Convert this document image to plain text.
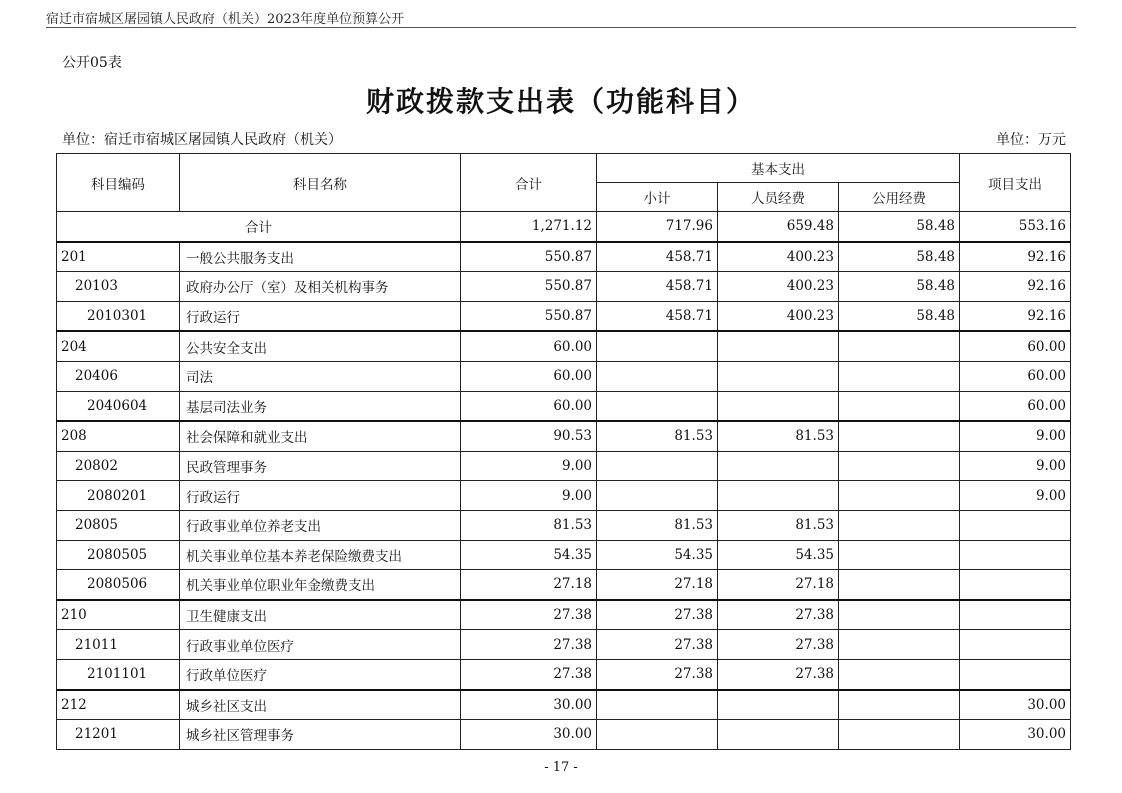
宿迁市宿城区屠园镇人民政府（机关）2023年度单位预算公开
公开05表
财政拨款支出表（功能科目）
单位：宿迁市宿城区屠园镇人民政府（机关）	单位：万元
科目编码	科目名称	合计	基本支出			项目支出
			小计	人员经费	公用经费	
合计		1,271.12	717.96	659.48	58.48	553.16
201	一般公共服务支出	550.87	458.71	400.23	58.48	92.16
20103	政府办公厅（室）及相关机构事务	550.87	458.71	400.23	58.48	92.16
2010301	行政运行	550.87	458.71	400.23	58.48	92.16
204	公共安全支出	60.00				60.00
20406	司法	60.00				60.00
2040604	基层司法业务	60.00				60.00
208	社会保障和就业支出	90.53	81.53	81.53		9.00
20802	民政管理事务	9.00				9.00
2080201	行政运行	9.00				9.00
20805	行政事业单位养老支出	81.53	81.53	81.53		
2080505	机关事业单位基本养老保险缴费支出	54.35	54.35	54.35		
2080506	机关事业单位职业年金缴费支出	27.18	27.18	27.18		
210	卫生健康支出	27.38	27.38	27.38		
21011	行政事业单位医疗	27.38	27.38	27.38		
2101101	行政单位医疗	27.38	27.38	27.38		
212	城乡社区支出	30.00				30.00
21201	城乡社区管理事务	30.00				30.00
- 17 -
